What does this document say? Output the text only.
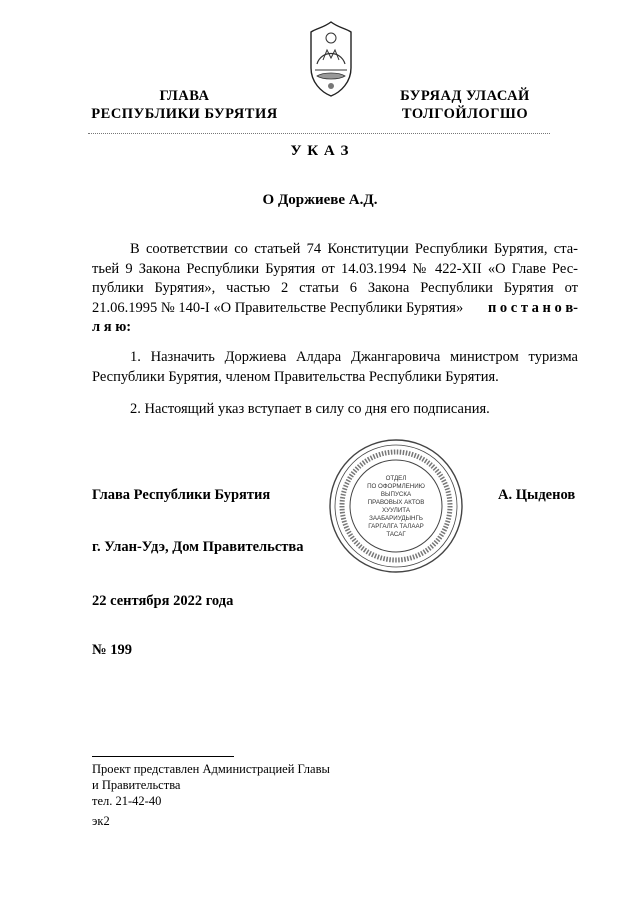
ГЛАВА
РЕСПУБЛИКИ БУРЯТИЯ
БУРЯАД УЛАСАЙ
ТОЛГОЙЛОГШО
У К А З
О Доржиеве А.Д.
В соответствии со статьей 74 Конституции Республики Бурятия, ста-
тьей 9 Закона Республики Бурятия от 14.03.1994 № 422-XII «О Главе Рес-
публики Бурятия», частью 2 статьи 6 Закона Республики Бурятия от
21.06.1995 № 140-I «О Правительстве Республики Бурятия» п о с т а н о в-
л я ю:
1. Назначить Доржиева Алдара Джангаровича министром туризма
Республики Бурятия, членом Правительства Республики Бурятия.
2. Настоящий указ вступает в силу со дня его подписания.
ОТДЕЛ
ПО ОФОРМЛЕНИЮ
ВЫПУСКА
ПРАВОВЫХ АКТОВ
ХУУЛИТА
ЗААБАРИУДЫНГЬ
ГАРГАЛГА ТАЛААР
ТАСАГ
Глава Республики Бурятия	А. Цыденов
г. Улан-Удэ, Дом Правительства
22 сентября 2022 года
№ 199
Проект представлен Администрацией Главы
и Правительства
тел. 21-42-40
эк2
